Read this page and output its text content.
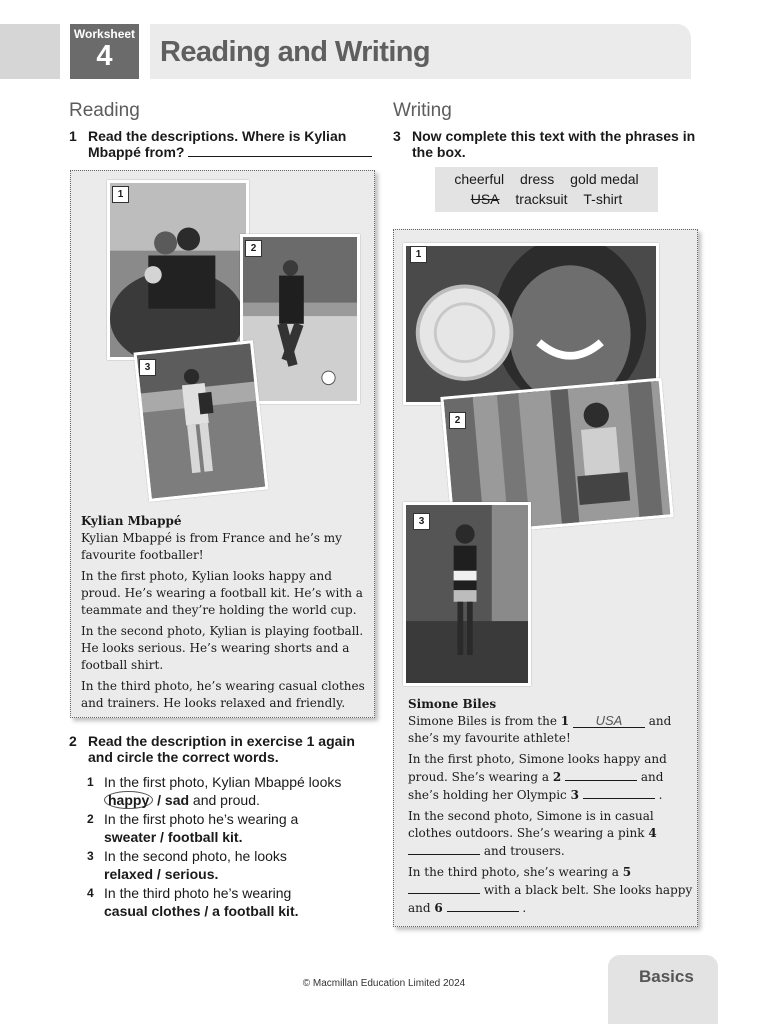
Worksheet
4	Reading and Writing
Reading
1 Read the descriptions. Where is Kylian Mbappé from?
1
2
3

Kylian Mbappé

Kylian Mbappé is from France and he’s my favourite footballer!

In the first photo, Kylian looks happy and proud. He’s wearing a football kit. He’s with a teammate and they’re holding the world cup.

In the second photo, Kylian is playing football. He looks serious. He’s wearing shorts and a football shirt.

In the third photo, he’s wearing casual clothes and trainers. He looks relaxed and friendly.

2 Read the description in exercise 1 again and circle the correct words.
1 In the first photo, Kylian Mbappé looks
happy / sad and proud.
2 In the first photo he’s wearing a
sweater / football kit.
3 In the second photo, he looks
relaxed / serious.
4 In the third photo he’s wearing
casual clothes / a football kit.
Writing
3 Now complete this text with the phrases in the box.
cheerful dress gold medal
USA tracksuit T-shirt
1
2
3

Simone Biles

Simone Biles is from the 1 USA and she’s my favourite athlete!

In the first photo, Simone looks happy and proud. She’s wearing a 2	and she’s holding her Olympic 3	.

In the second photo, Simone is in casual clothes outdoors. She’s wearing a pink 4  and trousers.

In the third photo, she’s wearing a 5  with a black belt. She looks happy and 6	.

© Macmillan Education Limited 2024	Basics
